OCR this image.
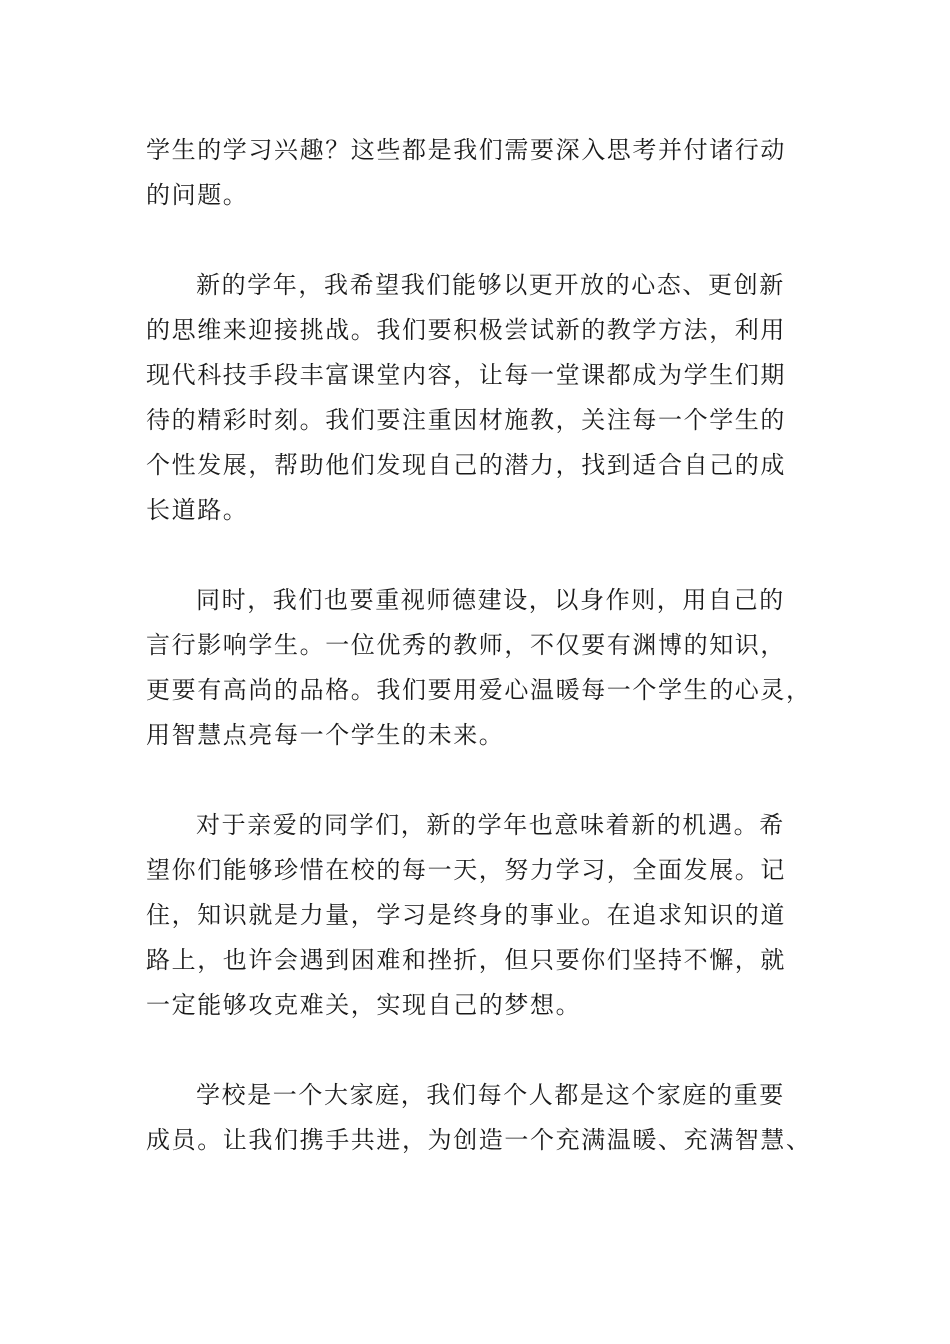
学生的学习兴趣？这些都是我们需要深入思考并付诸行动
的问题。

新的学年，我希望我们能够以更开放的心态、更创新
的思维来迎接挑战。我们要积极尝试新的教学方法，利用
现代科技手段丰富课堂内容，让每一堂课都成为学生们期
待的精彩时刻。我们要注重因材施教，关注每一个学生的
个性发展，帮助他们发现自己的潜力，找到适合自己的成
长道路。

同时，我们也要重视师德建设，以身作则，用自己的
言行影响学生。一位优秀的教师，不仅要有渊博的知识，
更要有高尚的品格。我们要用爱心温暖每一个学生的心灵，
用智慧点亮每一个学生的未来。

对于亲爱的同学们，新的学年也意味着新的机遇。希
望你们能够珍惜在校的每一天，努力学习，全面发展。记
住，知识就是力量，学习是终身的事业。在追求知识的道
路上，也许会遇到困难和挫折，但只要你们坚持不懈，就
一定能够攻克难关，实现自己的梦想。

学校是一个大家庭，我们每个人都是这个家庭的重要
成员。让我们携手共进，为创造一个充满温暖、充满智慧、
